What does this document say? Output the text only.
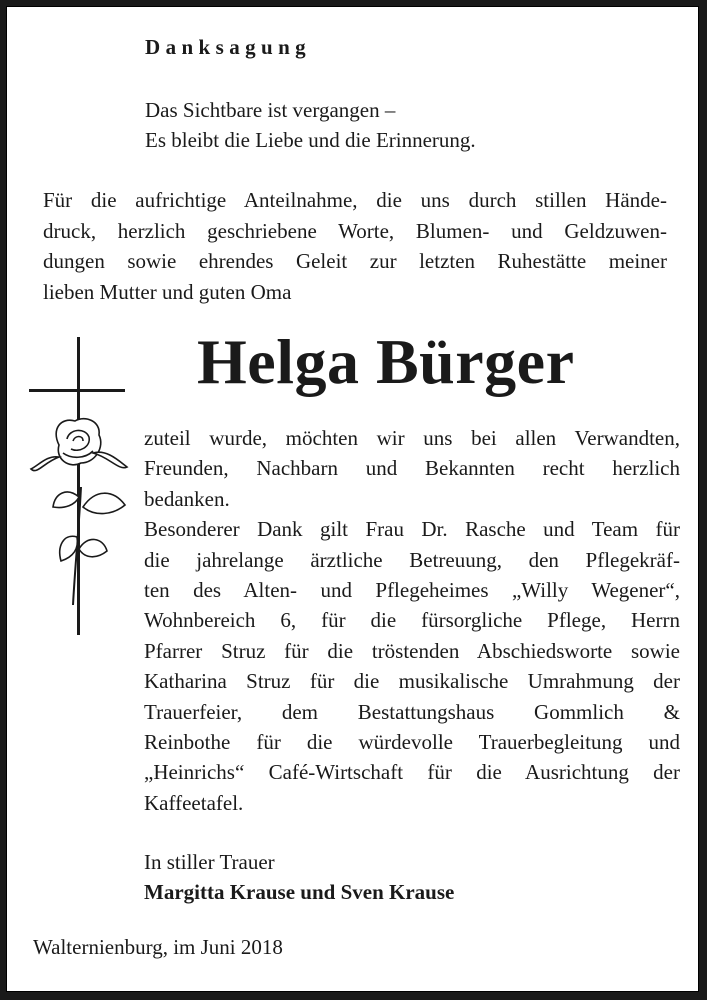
Danksagung
Das Sichtbare ist vergangen –
Es bleibt die Liebe und die Erinnerung.
Für die aufrichtige Anteilnahme, die uns durch stillen Hände-
druck, herzlich geschriebene Worte, Blumen- und Geldzuwen-
dungen sowie ehrendes Geleit zur letzten Ruhestätte meiner
lieben Mutter und guten Oma
Helga Bürger
zuteil wurde, möchten wir uns bei allen Verwandten,
Freunden, Nachbarn und Bekannten recht herzlich
bedanken.
Besonderer Dank gilt Frau Dr. Rasche und Team für
die jahrelange ärztliche Betreuung, den Pflegekräf-
ten des Alten- und Pflegeheimes „Willy Wegener“,
Wohnbereich 6, für die fürsorgliche Pflege, Herrn
Pfarrer Struz für die tröstenden Abschiedsworte sowie
Katharina Struz für die musikalische Umrahmung der
Trauerfeier, dem Bestattungshaus Gommlich &
Reinbothe für die würdevolle Trauerbegleitung und
„Heinrichs“ Café-Wirtschaft für die Ausrichtung der
Kaffeetafel.
In stiller Trauer
Margitta Krause und Sven Krause
Walternienburg, im Juni 2018
